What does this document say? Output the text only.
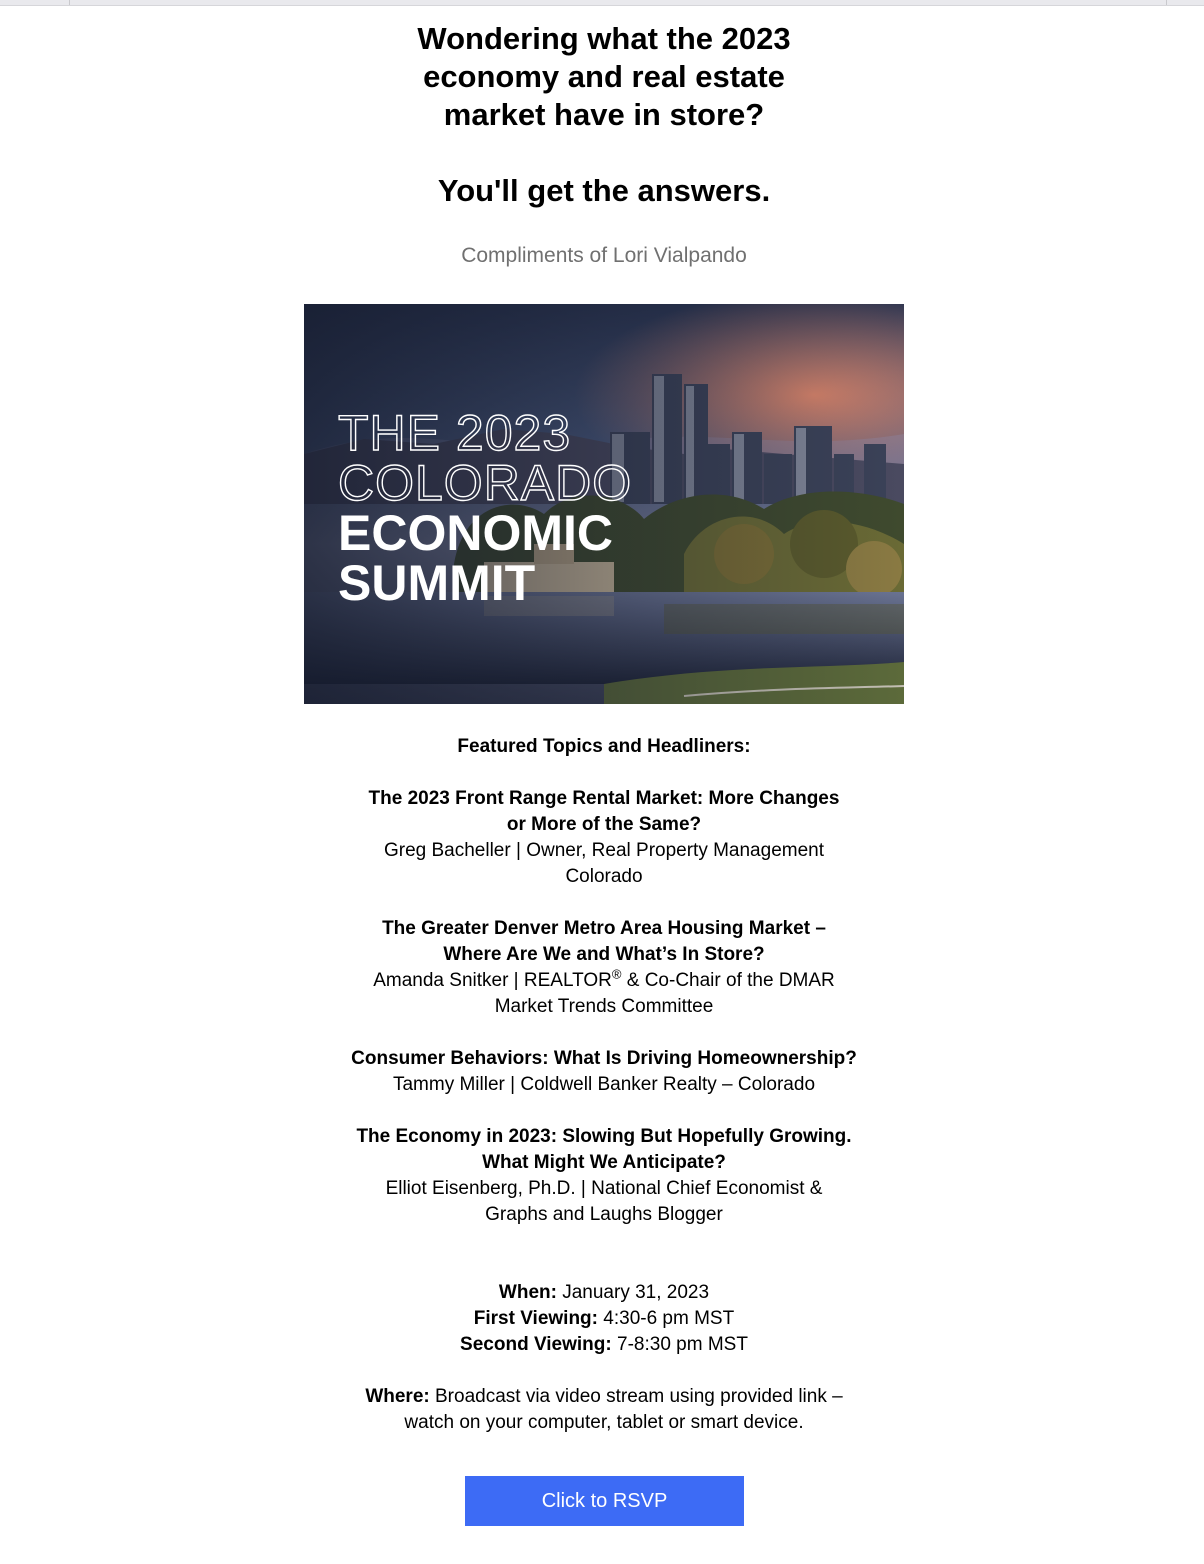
Wondering what the 2023
economy and real estate
market have in store?
You'll get the answers.
Compliments of Lori Vialpando
THE 2023
COLORADO
ECONOMIC
SUMMIT
Featured Topics and Headliners:
The 2023 Front Range Rental Market: More Changes
or More of the Same?
Greg Bacheller | Owner, Real Property Management
Colorado
The Greater Denver Metro Area Housing Market –
Where Are We and What’s In Store?
Amanda Snitker | REALTOR® & Co-Chair of the DMAR
Market Trends Committee
Consumer Behaviors: What Is Driving Homeownership?
Tammy Miller | Coldwell Banker Realty – Colorado
The Economy in 2023: Slowing But Hopefully Growing.
What Might We Anticipate?
Elliot Eisenberg, Ph.D. | National Chief Economist &
Graphs and Laughs Blogger
When: January 31, 2023
First Viewing: 4:30-6 pm MST
Second Viewing: 7-8:30 pm MST
Where: Broadcast via video stream using provided link –
watch on your computer, tablet or smart device.
Click to RSVP
